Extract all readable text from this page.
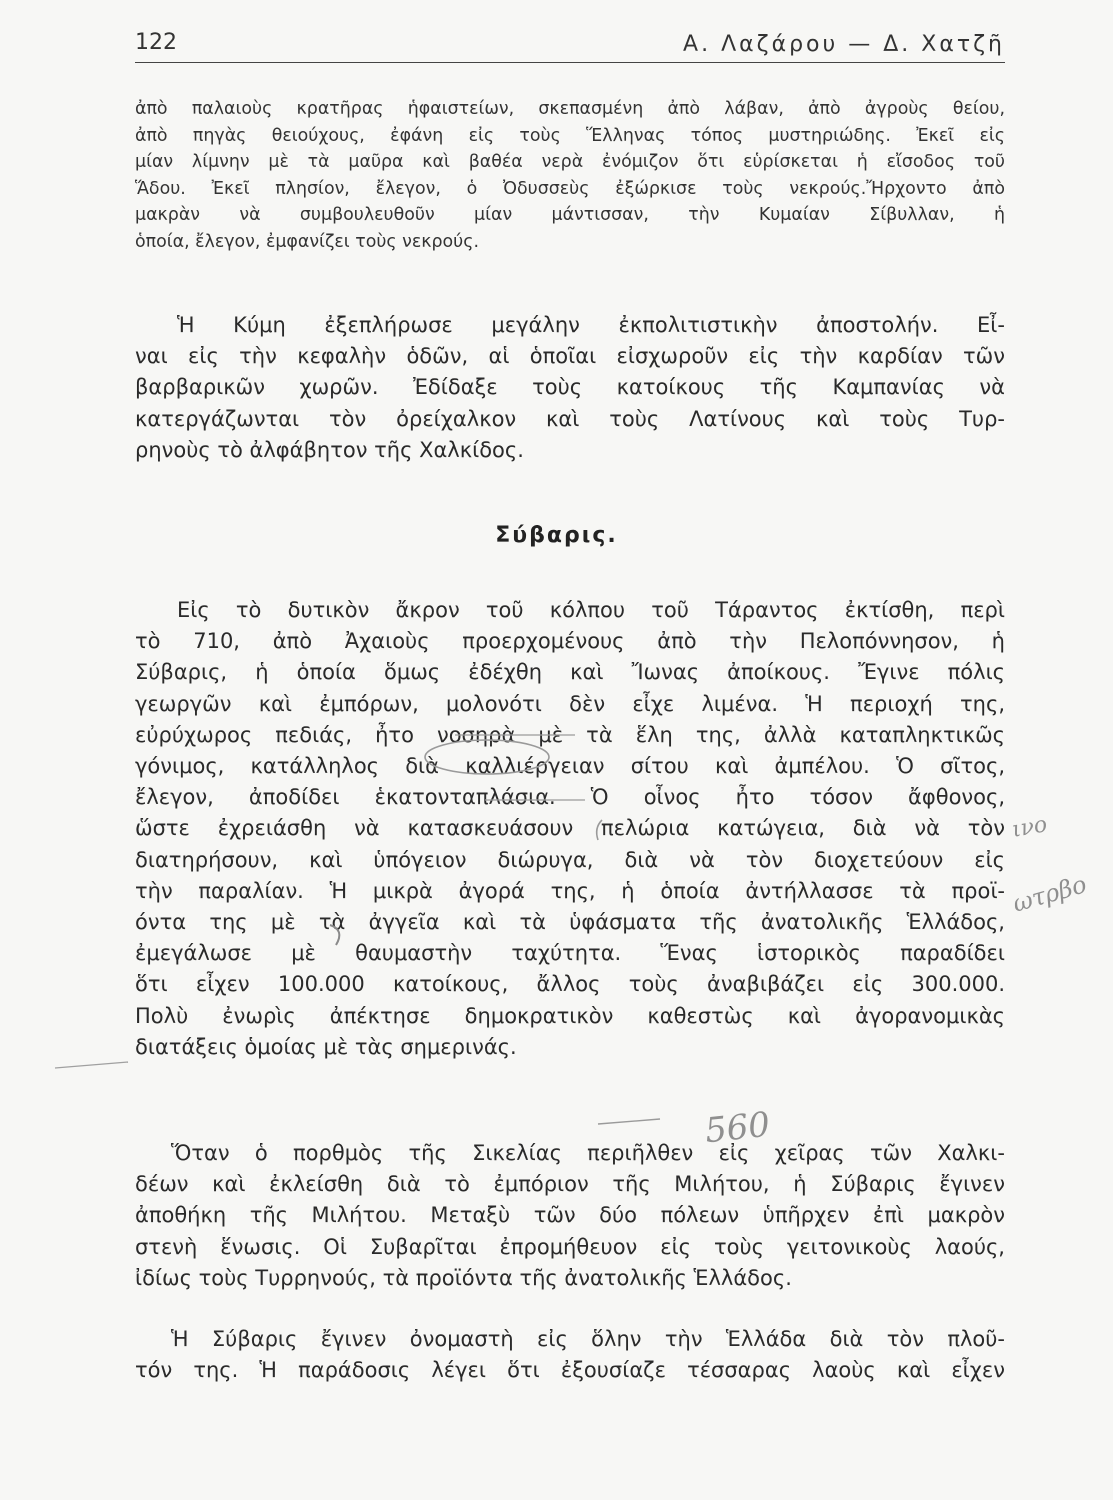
122	Α. Λαζάρου — Δ. Χατζῆ
ἀπὸ παλαιοὺς κρατῆρας ἡφαιστείων, σκεπασμένη ἀπὸ λάβαν, ἀπὸ ἀγροὺς θείου,
ἀπὸ πηγὰς θειούχους, ἐφάνη εἰς τοὺς Ἕλληνας τόπος μυστηριώδης. Ἐκεῖ εἰς
μίαν λίμνην μὲ τὰ μαῦρα καὶ βαθέα νερὰ ἐνόμιζον ὅτι εὑρίσκεται ἡ εἴσοδος τοῦ
Ἅδου. Ἐκεῖ πλησίον, ἔλεγον, ὁ Ὀδυσσεὺς ἐξώρκισε τοὺς νεκρούς.Ἤρχοντο ἀπὸ
μακρὰν νὰ συμβουλευθοῦν μίαν μάντισσαν, τὴν Κυμαίαν Σίβυλλαν, ἡ
ὁποία, ἔλεγον, ἐμφανίζει τοὺς νεκρούς.
Ἡ Κύμη ἐξεπλήρωσε μεγάλην ἐκπολιτιστικὴν ἀποστολήν. Εἶ-
ναι εἰς τὴν κεφαλὴν ὁδῶν, αἱ ὁποῖαι εἰσχωροῦν εἰς τὴν καρδίαν τῶν
βαρβαρικῶν χωρῶν. Ἐδίδαξε τοὺς κατοίκους τῆς Καμπανίας νὰ
κατεργάζωνται τὸν ὀρείχαλκον καὶ τοὺς Λατίνους καὶ τοὺς Τυρ-
ρηνοὺς τὸ ἀλφάβητον τῆς Χαλκίδος.
Σύβαρις.
Εἰς τὸ δυτικὸν ἄκρον τοῦ κόλπου τοῦ Τάραντος ἐκτίσθη, περὶ
τὸ 710, ἀπὸ Ἀχαιοὺς προερχομένους ἀπὸ τὴν Πελοπόννησον, ἡ
Σύβαρις, ἡ ὁποία ὅμως ἐδέχθη καὶ Ἴωνας ἀποίκους. Ἔγινε πόλις
γεωργῶν καὶ ἐμπόρων, μολονότι δὲν εἶχε λιμένα. Ἡ περιοχή της,
εὐρύχωρος πεδιάς, ἦτο νοσηρὰ μὲ τὰ ἕλη της, ἀλλὰ καταπληκτικῶς
γόνιμος, κατάλληλος διὰ καλλιέργειαν σίτου καὶ ἀμπέλου. Ὁ σῖτος,
ἔλεγον, ἀποδίδει ἑκατονταπλάσια. Ὁ οἶνος ἦτο τόσον ἄφθονος,
ὥστε ἐχρειάσθη νὰ κατασκευάσουν πελώρια κατώγεια, διὰ νὰ τὸν
διατηρήσουν, καὶ ὑπόγειον διώρυγα, διὰ νὰ τὸν διοχετεύουν εἰς
τὴν παραλίαν. Ἡ μικρὰ ἀγορά της, ἡ ὁποία ἀντήλλασσε τὰ προϊ-
όντα της μὲ τὰ ἀγγεῖα καὶ τὰ ὑφάσματα τῆς ἀνατολικῆς Ἑλλάδος,
ἐμεγάλωσε μὲ θαυμαστὴν ταχύτητα. Ἕνας ἱστορικὸς παραδίδει
ὅτι εἶχεν 100.000 κατοίκους, ἄλλος τοὺς ἀναβιβάζει εἰς 300.000.
Πολὺ ἐνωρὶς ἀπέκτησε δημοκρατικὸν καθεστὼς καὶ ἀγορανομικὰς
διατάξεις ὁμοίας μὲ τὰς σημερινάς.
Ὅταν ὁ πορθμὸς τῆς Σικελίας περιῆλθεν εἰς χεῖρας τῶν Χαλκι-
δέων καὶ ἐκλείσθη διὰ τὸ ἐμπόριον τῆς Μιλήτου, ἡ Σύβαρις ἔγινεν
ἀποθήκη τῆς Μιλήτου. Μεταξὺ τῶν δύο πόλεων ὑπῆρχεν ἐπὶ μακρὸν
στενὴ ἕνωσις. Οἱ Συβαρῖται ἐπρομήθευον εἰς τοὺς γειτονικοὺς λαούς,
ἰδίως τοὺς Τυρρηνούς, τὰ προϊόντα τῆς ἀνατολικῆς Ἑλλάδος.
Ἡ Σύβαρις ἔγινεν ὀνομαστὴ εἰς ὅλην τὴν Ἑλλάδα διὰ τὸν πλοῦ-
τόν της. Ἡ παράδοσις λέγει ὅτι ἐξουσίαζε τέσσαρας λαοὺς καὶ εἶχεν
560
ινο
ωτρβο
